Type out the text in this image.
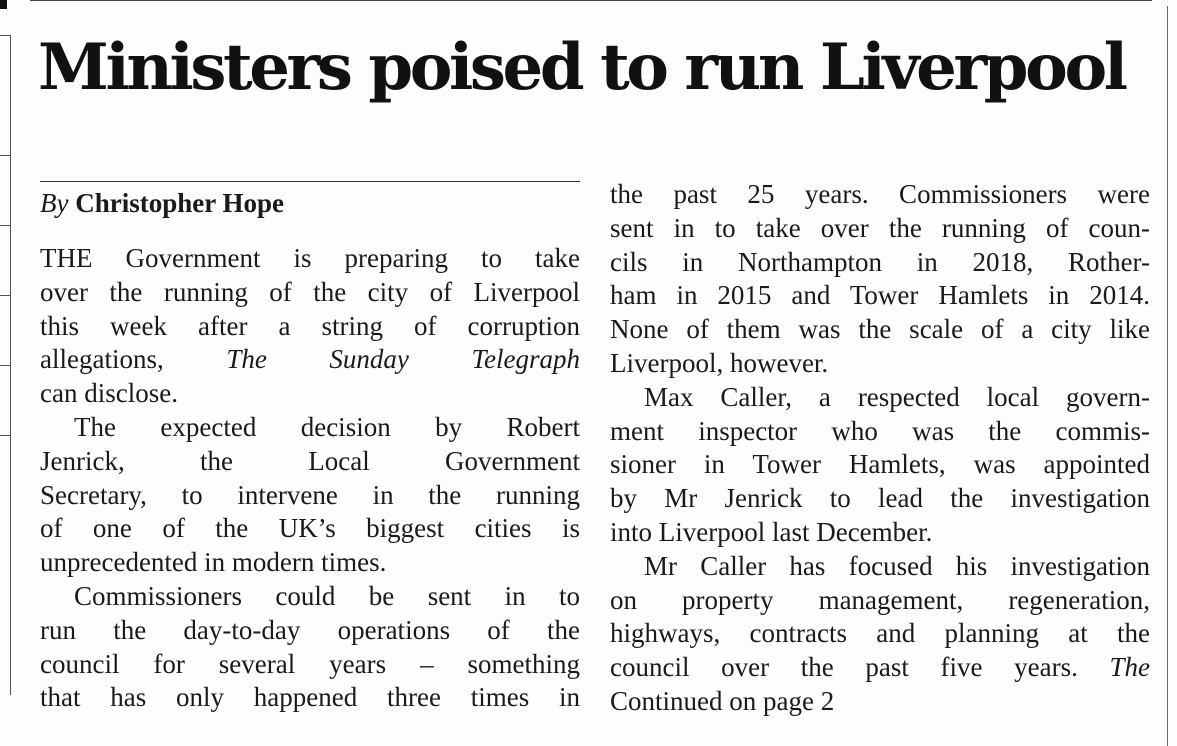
Ministers poised to run Liverpool
By Christopher Hope
THE Government is preparing to take
over the running of the city of Liverpool
this week after a string of corruption
allegations, The Sunday Telegraph
can disclose.
The expected decision by Robert
Jenrick, the Local Government
Secretary, to intervene in the running
of one of the UK’s biggest cities is
unprecedented in modern times.
Commissioners could be sent in to
run the day-to-day operations of the
council for several years – something
that has only happened three times in
the past 25 years. Commissioners were
sent in to take over the running of coun-
cils in Northampton in 2018, Rother-
ham in 2015 and Tower Hamlets in 2014.
None of them was the scale of a city like
Liverpool, however.
Max Caller, a respected local govern-
ment inspector who was the commis-
sioner in Tower Hamlets, was appointed
by Mr Jenrick to lead the investigation
into Liverpool last December.
Mr Caller has focused his investigation
on property management, regeneration,
highways, contracts and planning at the
council over the past five years. The
Continued on page 2
